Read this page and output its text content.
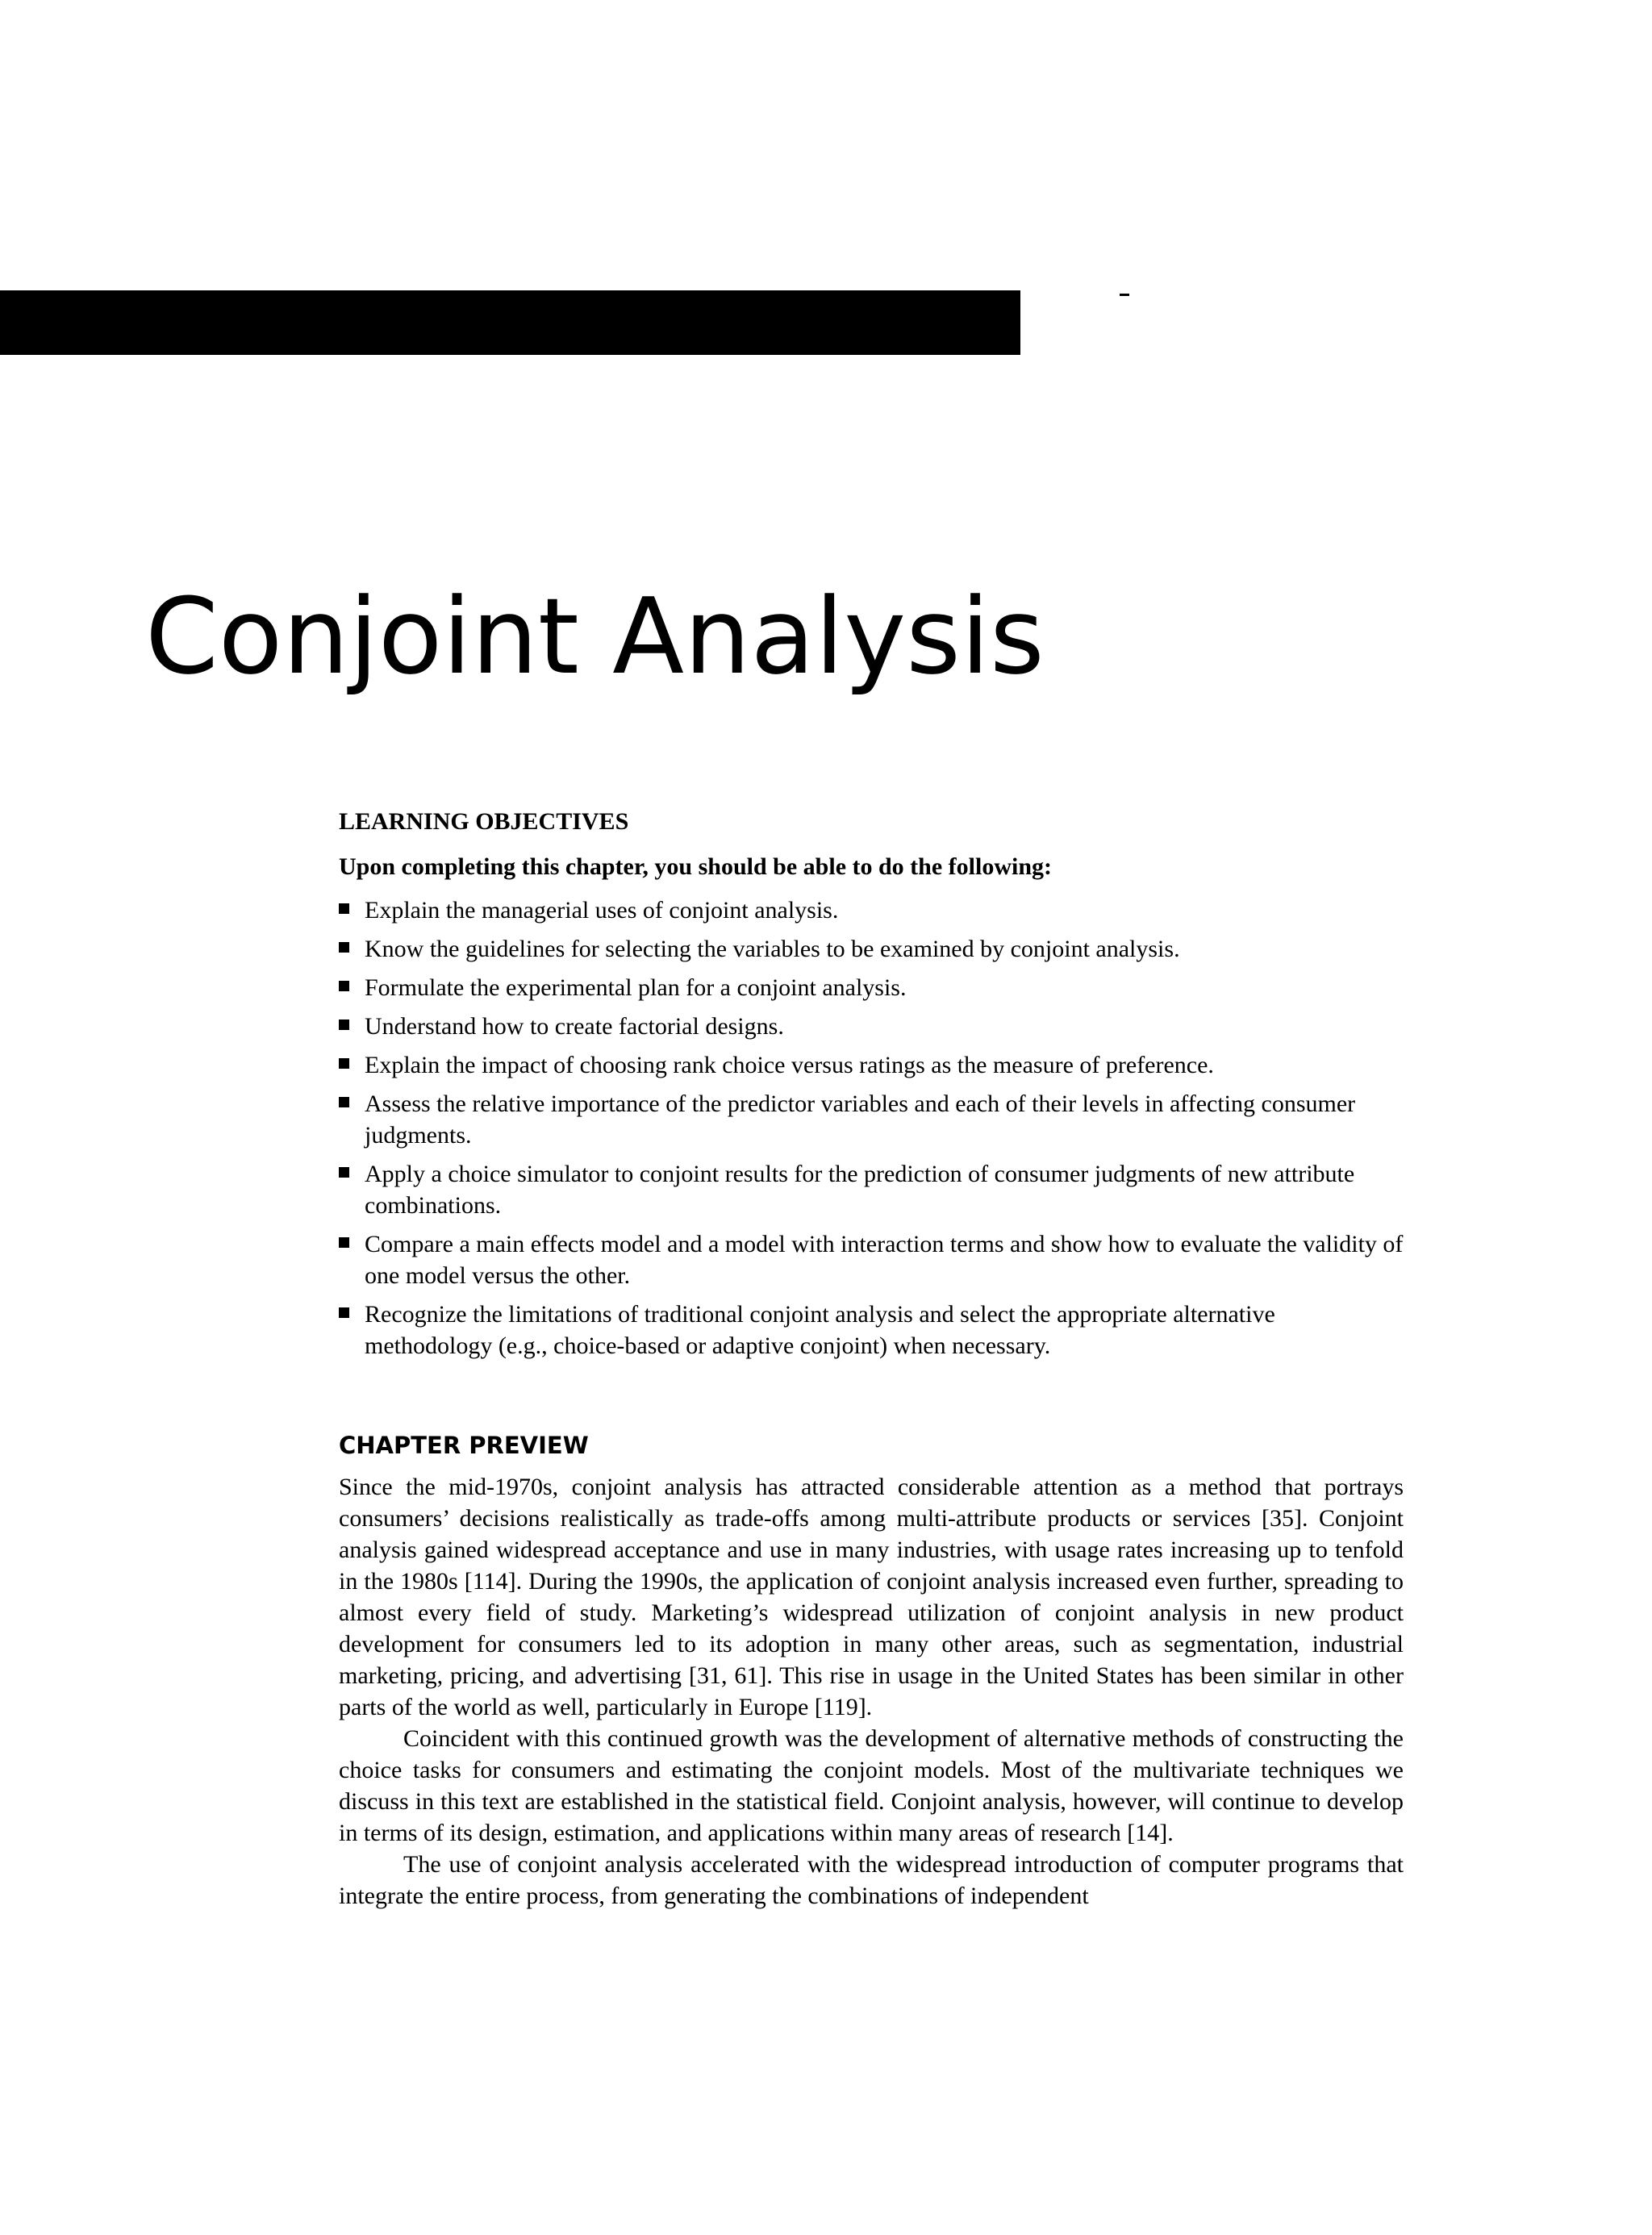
Conjoint Analysis
LEARNING OBJECTIVES

Upon completing this chapter, you should be able to do the following:

Explain the managerial uses of conjoint analysis.
Know the guidelines for selecting the variables to be examined by conjoint analysis.
Formulate the experimental plan for a conjoint analysis.
Understand how to create factorial designs.
Explain the impact of choosing rank choice versus ratings as the measure of preference.
Assess the relative importance of the predictor variables and each of their levels in affecting consumer judgments.
Apply a choice simulator to conjoint results for the prediction of consumer judgments of new attribute combinations.
Compare a main effects model and a model with interaction terms and show how to evaluate the validity of one model versus the other.
Recognize the limitations of traditional conjoint analysis and select the appropriate alternative methodology (e.g., choice-based or adaptive conjoint) when necessary.
CHAPTER PREVIEW

Since the mid-1970s, conjoint analysis has attracted considerable attention as a method that portrays consumers’ decisions realistically as trade-offs among multi-attribute products or services [35]. Conjoint analysis gained widespread acceptance and use in many industries, with usage rates increasing up to tenfold in the 1980s [114]. During the 1990s, the application of conjoint analysis increased even further, spreading to almost every field of study. Marketing’s widespread utilization of conjoint analysis in new product development for consumers led to its adoption in many other areas, such as segmentation, industrial marketing, pricing, and advertising [31, 61]. This rise in usage in the United States has been similar in other parts of the world as well, particularly in Europe [119].

Coincident with this continued growth was the development of alternative methods of constructing the choice tasks for consumers and estimating the conjoint models. Most of the multivariate techniques we discuss in this text are established in the statistical field. Conjoint analysis, however, will continue to develop in terms of its design, estimation, and applications within many areas of research [14].

The use of conjoint analysis accelerated with the widespread introduction of computer programs that integrate the entire process, from generating the combinations of independent
